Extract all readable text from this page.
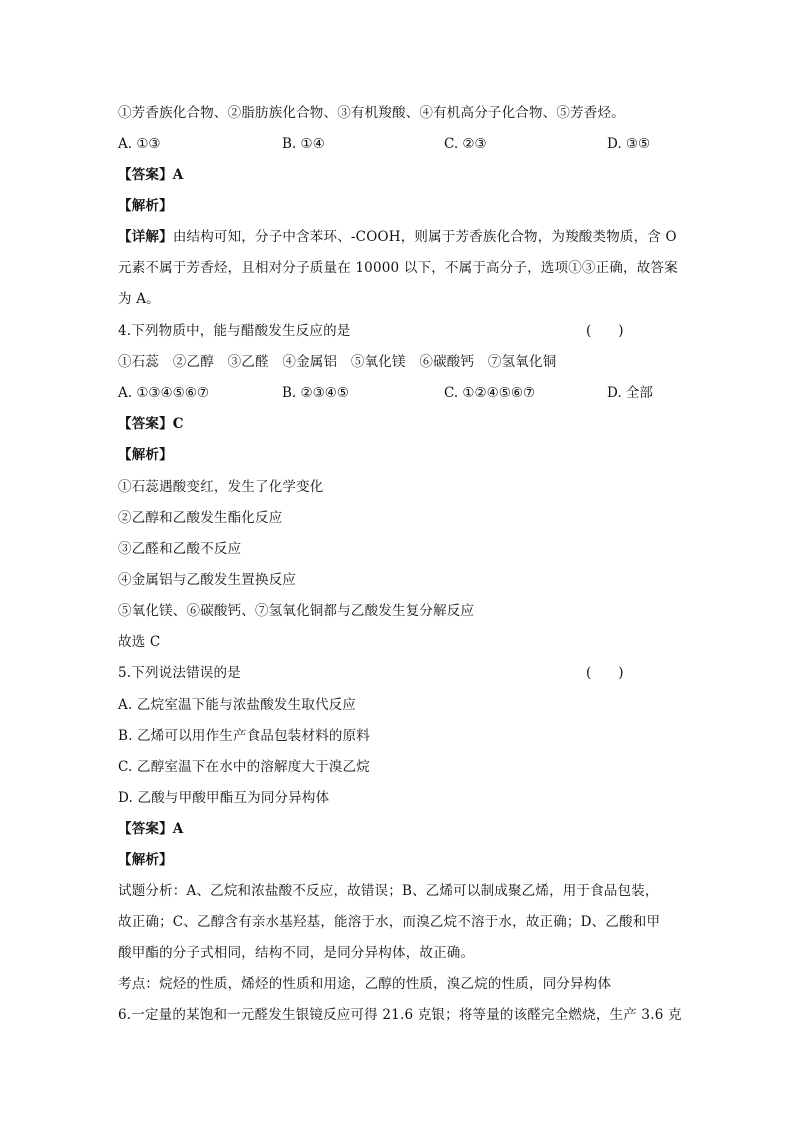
①芳香族化合物、②脂肪族化合物、③有机羧酸、④有机高分子化合物、⑤芳香烃。
A. ①③	B. ①④	C. ②③	D. ③⑤
【答案】A
【解析】
【详解】由结构可知，分子中含苯环、-COOH，则属于芳香族化合物，为羧酸类物质，含 O
元素不属于芳香烃，且相对分子质量在 10000 以下，不属于高分子，选项①③正确，故答案
为 A。
4.下列物质中，能与醋酸发生反应的是	(　　)
①石蕊　②乙醇　③乙醛　④金属铝　⑤氧化镁　⑥碳酸钙　⑦氢氧化铜
A. ①③④⑤⑥⑦	B. ②③④⑤	C. ①②④⑤⑥⑦	D. 全部
【答案】C
【解析】
①石蕊遇酸变红，发生了化学变化
②乙醇和乙酸发生酯化反应
③乙醛和乙酸不反应
④金属铝与乙酸发生置换反应
⑤氧化镁、⑥碳酸钙、⑦氢氧化铜都与乙酸发生复分解反应
故选 C
5.下列说法错误的是	(　　)
A. 乙烷室温下能与浓盐酸发生取代反应
B. 乙烯可以用作生产食品包装材料的原料
C. 乙醇室温下在水中的溶解度大于溴乙烷
D. 乙酸与甲酸甲酯互为同分异构体
【答案】A
【解析】
试题分析：A、乙烷和浓盐酸不反应，故错误；B、乙烯可以制成聚乙烯，用于食品包装，
故正确；C、乙醇含有亲水基羟基，能溶于水，而溴乙烷不溶于水，故正确；D、乙酸和甲
酸甲酯的分子式相同，结构不同，是同分异构体，故正确。
考点：烷烃的性质，烯烃的性质和用途，乙醇的性质，溴乙烷的性质，同分异构体
6.一定量的某饱和一元醛发生银镜反应可得 21.6 克银；将等量的该醛完全燃烧，生产 3.6 克
